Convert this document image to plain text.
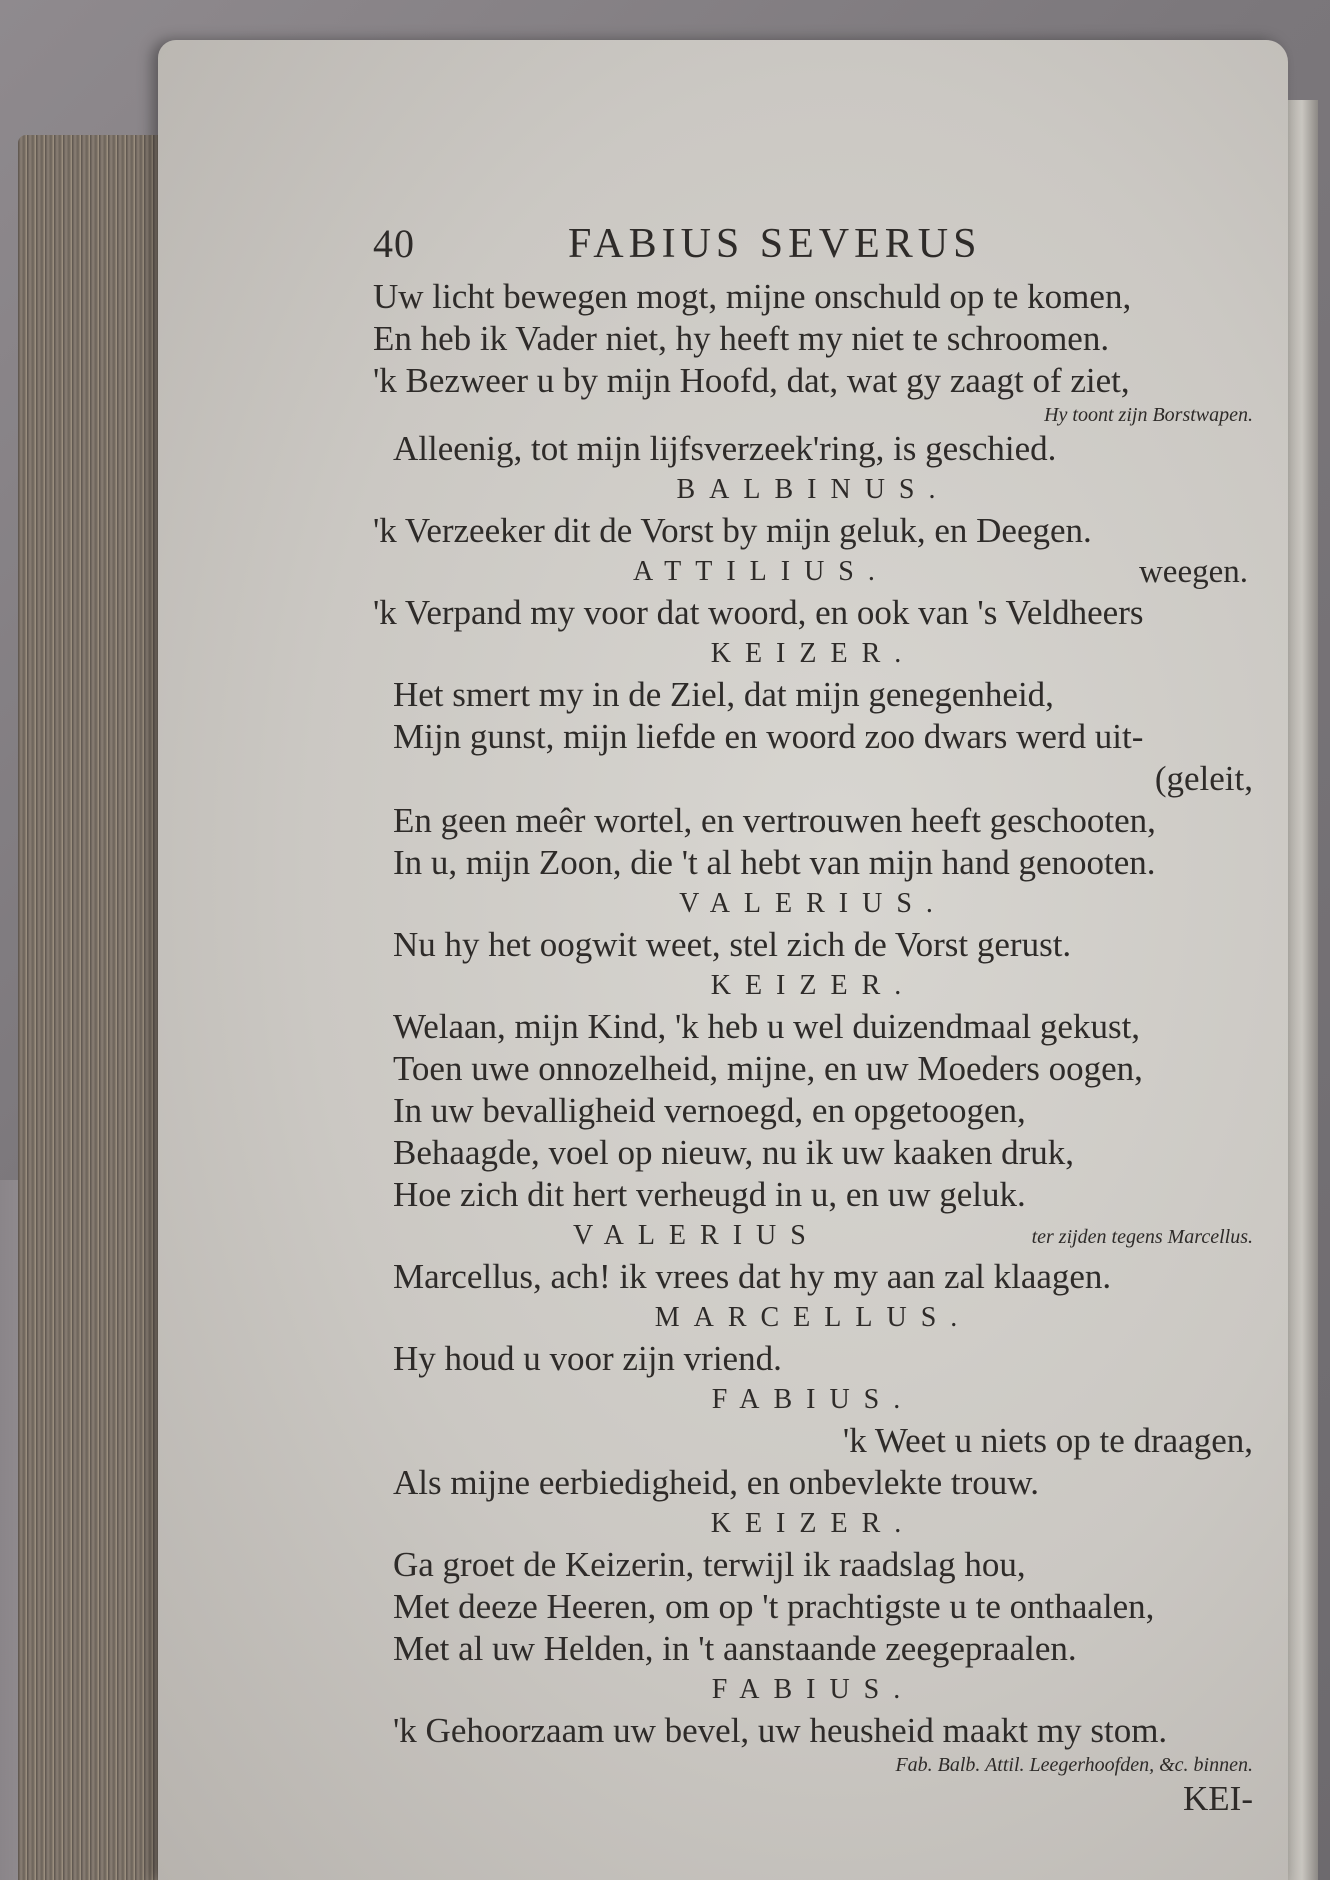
40	FABIUS SEVERUS
Uw licht bewegen mogt, mijne onschuld op te komen,
En heb ik Vader niet, hy heeft my niet te schroomen.
'k Bezweer u by mijn Hoofd, dat, wat gy zaagt of ziet,
Hy toont zijn Borstwapen.
Alleenig, tot mijn lijfsverzeek'ring, is geschied.
BALBINUS.
'k Verzeeker dit de Vorst by mijn geluk, en Deegen.
ATTILIUS.	weegen.
'k Verpand my voor dat woord, en ook van 's Veldheers
KEIZER.
Het smert my in de Ziel, dat mijn genegenheid,
Mijn gunst, mijn liefde en woord zoo dwars werd uit-
(geleit,
En geen meêr wortel, en vertrouwen heeft geschooten,
In u, mijn Zoon, die 't al hebt van mijn hand genooten.
VALERIUS.
Nu hy het oogwit weet, stel zich de Vorst gerust.
KEIZER.
Welaan, mijn Kind, 'k heb u wel duizendmaal gekust,
Toen uwe onnozelheid, mijne, en uw Moeders oogen,
In uw bevalligheid vernoegd, en opgetoogen,
Behaagde, voel op nieuw, nu ik uw kaaken druk,
Hoe zich dit hert verheugd in u, en uw geluk.
VALERIUS	ter zijden tegens Marcellus.
Marcellus, ach! ik vrees dat hy my aan zal klaagen.
MARCELLUS.
Hy houd u voor zijn vriend.
FABIUS.
'k Weet u niets op te draagen,
Als mijne eerbiedigheid, en onbevlekte trouw.
KEIZER.
Ga groet de Keizerin, terwijl ik raadslag hou,
Met deeze Heeren, om op 't prachtigste u te onthaalen,
Met al uw Helden, in 't aanstaande zeegepraalen.
FABIUS.
'k Gehoorzaam uw bevel, uw heusheid maakt my stom.
Fab. Balb. Attil. Leegerhoofden, &c. binnen.
KEI-
